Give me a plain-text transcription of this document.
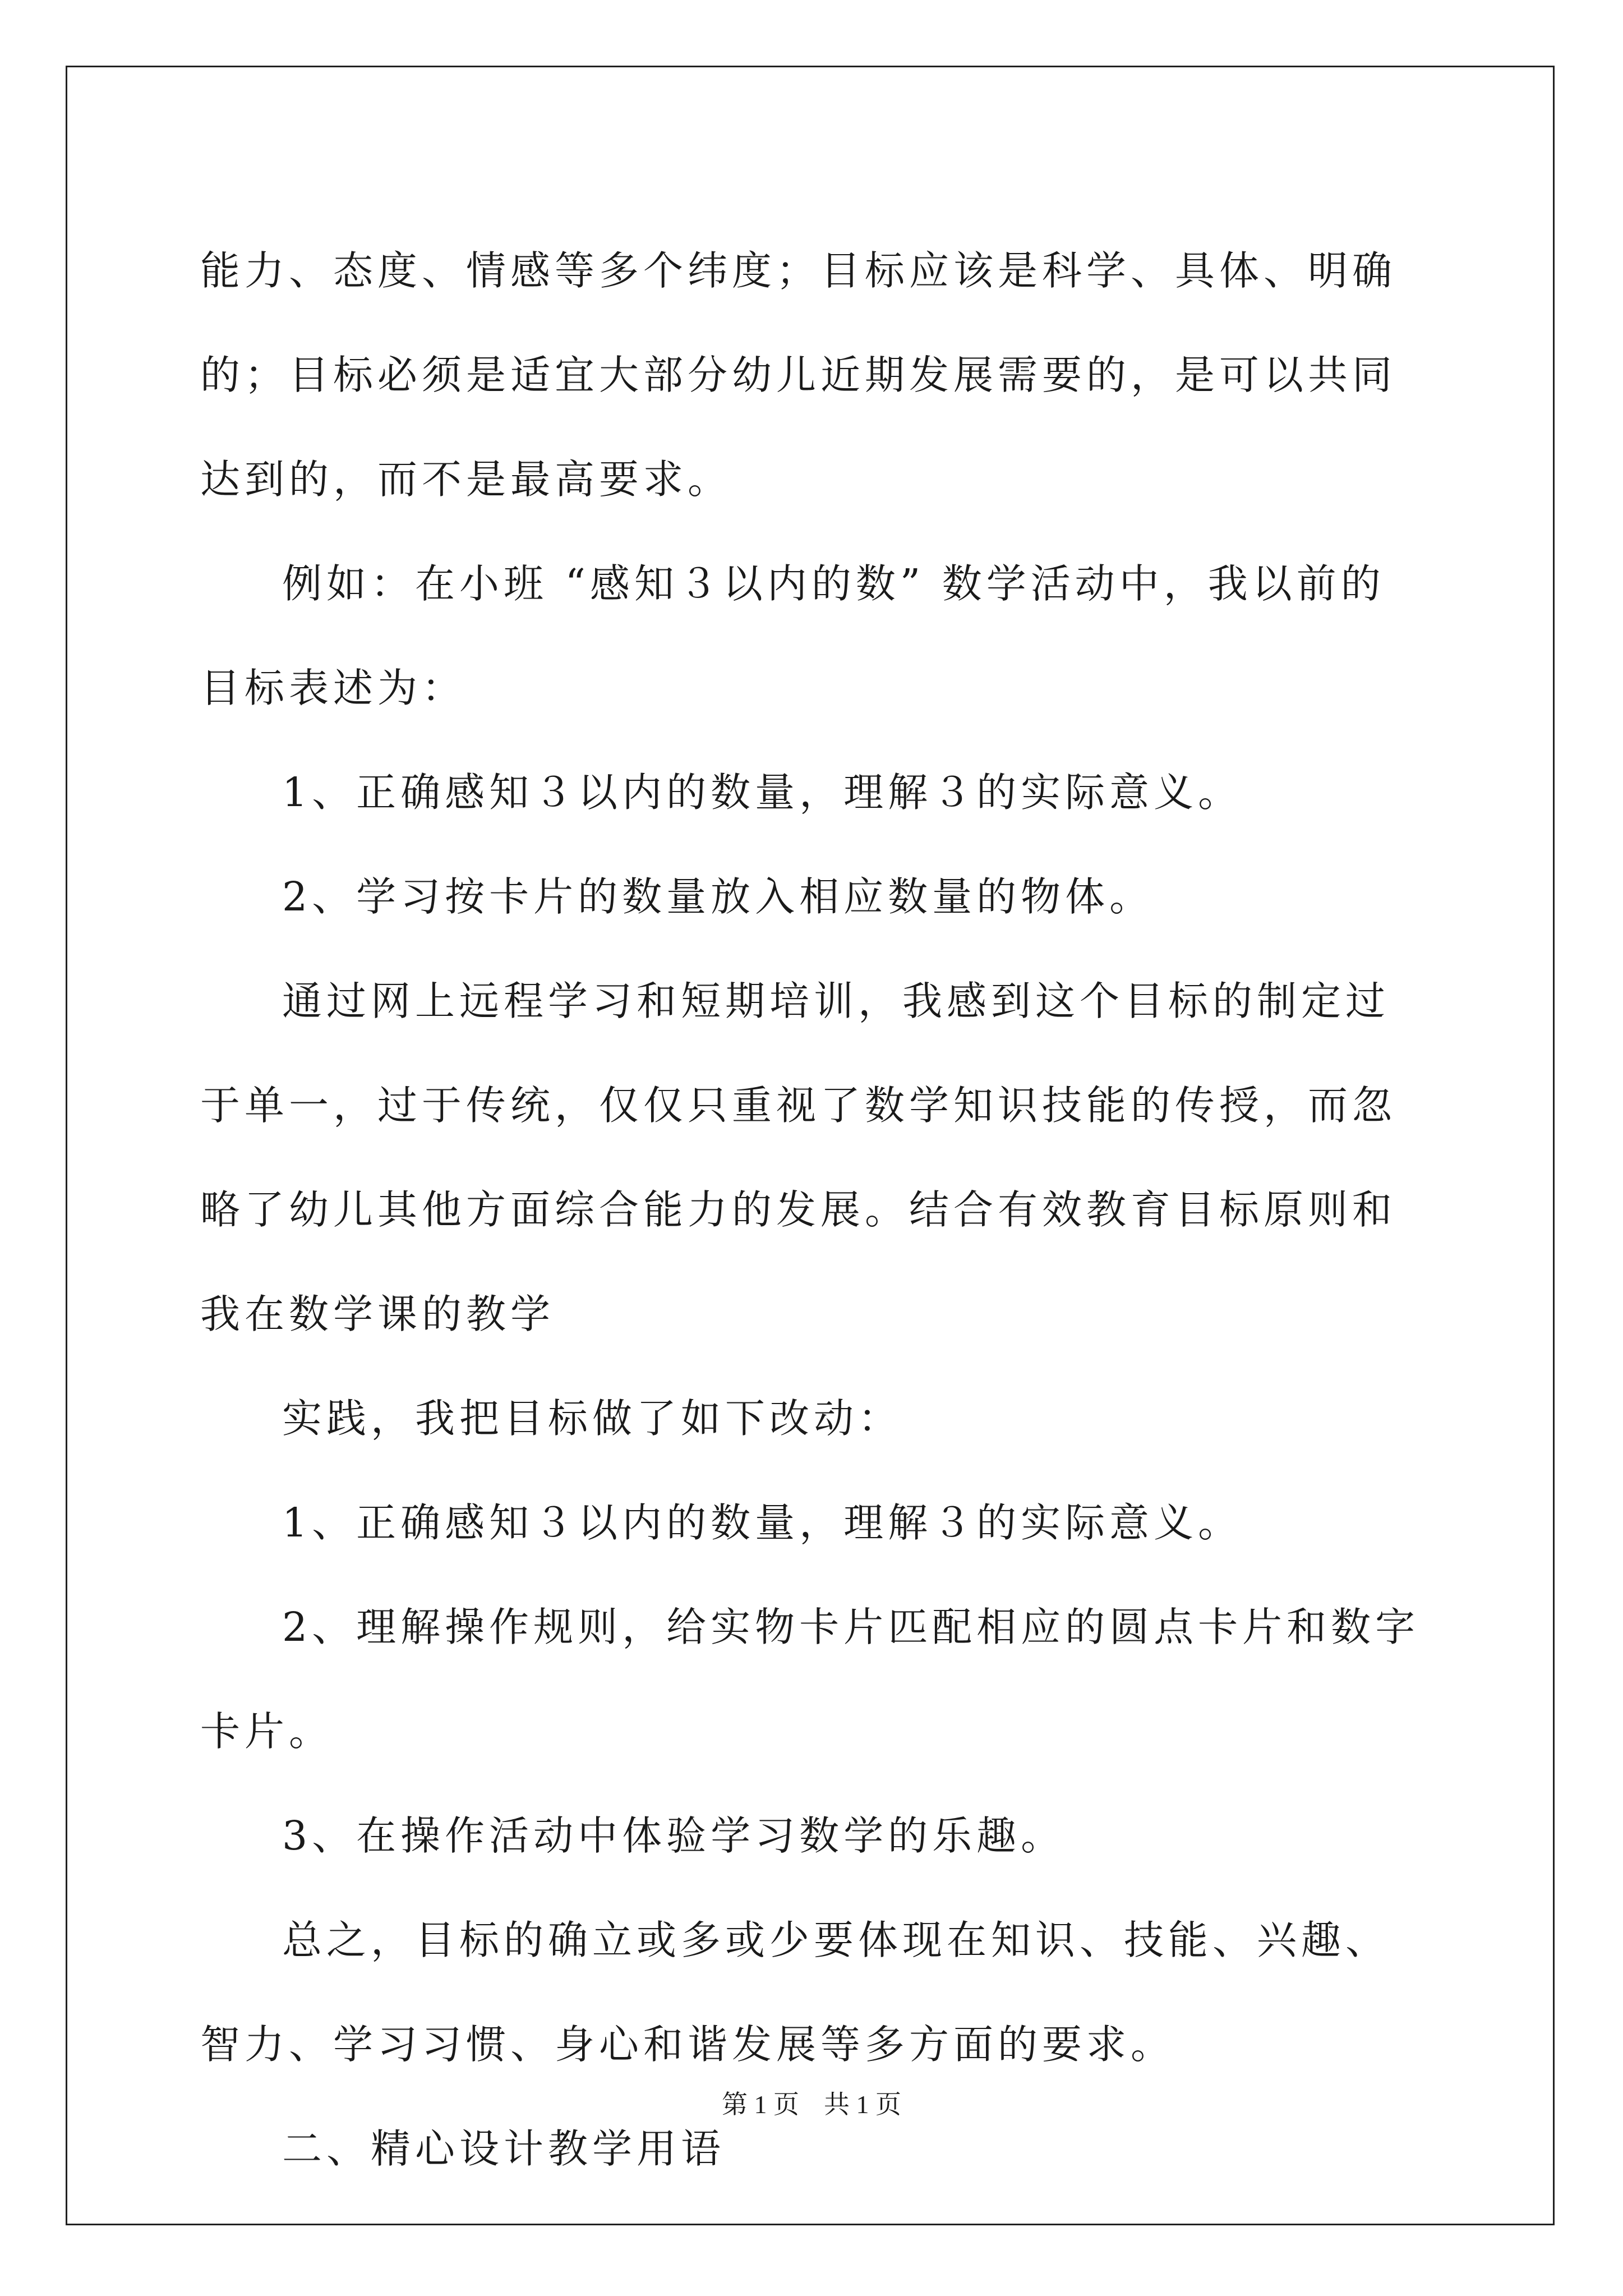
能力、态度、情感等多个纬度；目标应该是科学、具体、明确的；目标必须是适宜大部分幼儿近期发展需要的，是可以共同达到的，而不是最高要求。

例如：在小班 “感知３以内的数” 数学活动中，我以前的目标表述为：

1、正确感知３以内的数量，理解３的实际意义。

2、学习按卡片的数量放入相应数量的物体。

通过网上远程学习和短期培训，我感到这个目标的制定过于单一，过于传统，仅仅只重视了数学知识技能的传授，而忽略了幼儿其他方面综合能力的发展。结合有效教育目标原则和我在数学课的教学

实践，我把目标做了如下改动：

1、正确感知３以内的数量，理解３的实际意义。

2、理解操作规则，给实物卡片匹配相应的圆点卡片和数字卡片。

3、在操作活动中体验学习数学的乐趣。

总之，目标的确立或多或少要体现在知识、技能、兴趣、智力、学习习惯、身心和谐发展等多方面的要求。

二、精心设计教学用语

第 1 页 共 1 页
